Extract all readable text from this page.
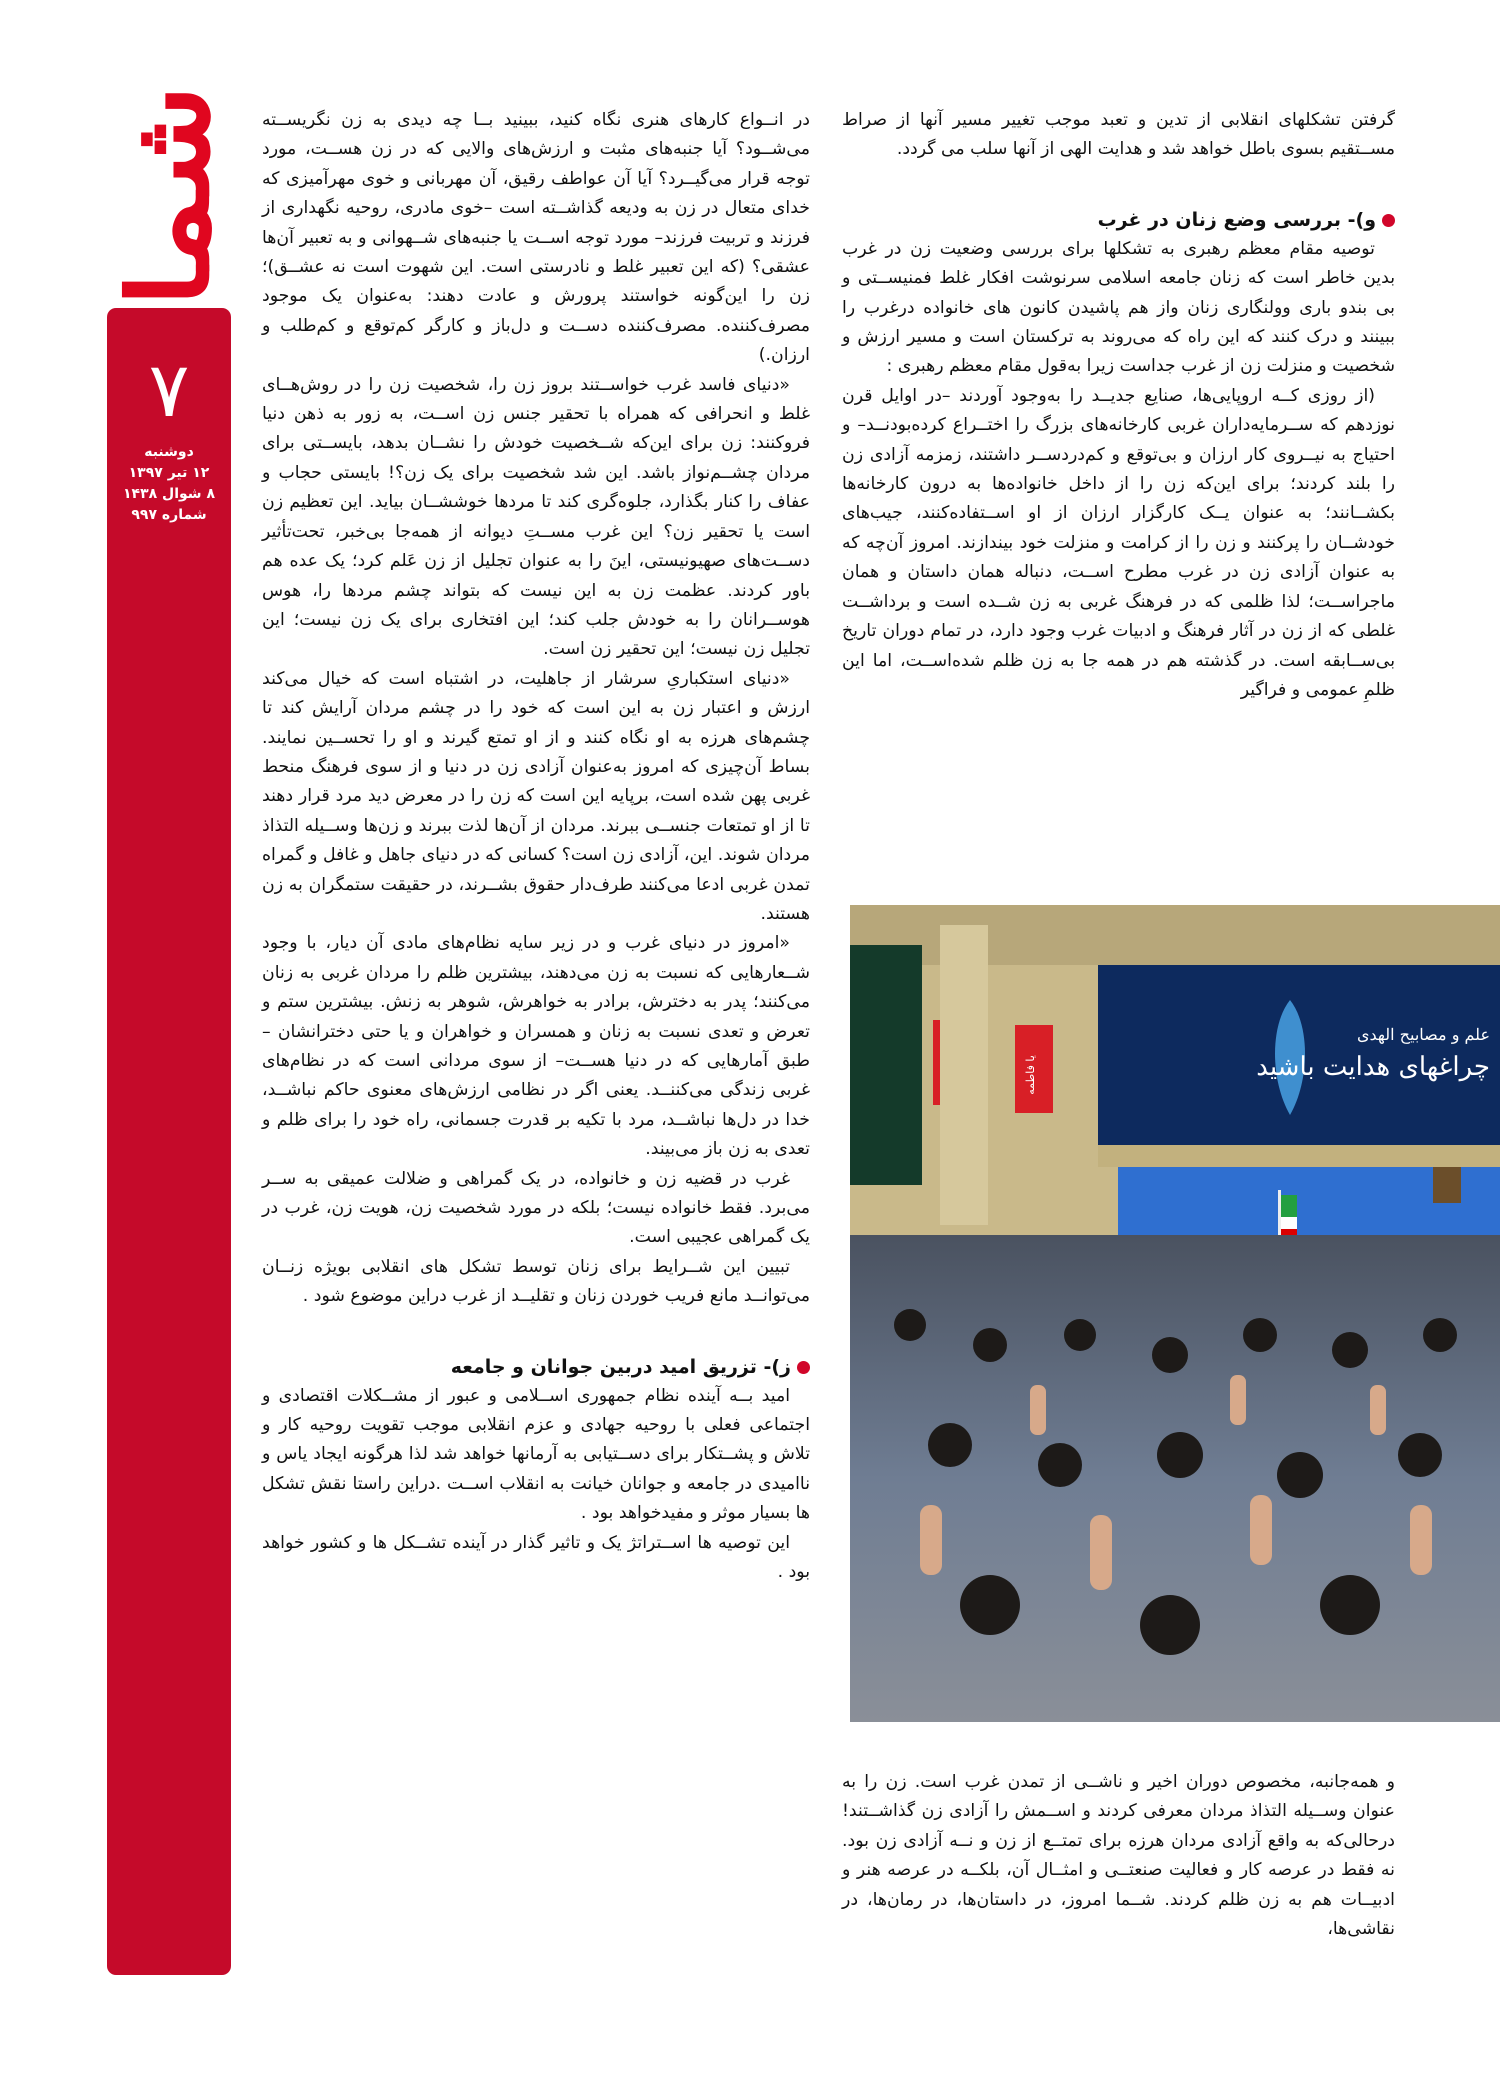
شما
۷
دوشنبه
۱۲ تیر ۱۳۹۷
۸ شوال ۱۴۳۸
شماره ۹۹۷

در انــواع کارهای هنری نگاه کنید، ببینید بــا چه دیدی به زن نگریســته می‌شــود؟ آیا جنبه‌های مثبت و ارزش‌های والایی که در زن هســت، مورد توجه قرار می‌گیــرد؟ آیا آن عواطف رقیق، آن مهربانی و خوی مهرآمیزی که خدای متعال در زن به ودیعه گذاشــته است –خوی مادری، روحیه نگهداری از فرزند و تربیت فرزند– مورد توجه اســت یا جنبه‌های شــهوانی و به تعبیر آن‌ها عشقی؟ (که این تعبیر غلط و نادرستی است. این شهوت است نه عشــق)؛ زن را این‌گونه خواستند پرورش و عادت دهند: به‌عنوان یک موجود مصرف‌کننده. مصرف‌کننده دســت و دل‌باز و کارگر کم‌توقع و کم‌طلب و ارزان.)

«دنیای فاسد غرب خواســتند بروز زن را، شخصیت زن را در روش‌هــای غلط و انحرافی که همراه با تحقیر جنس زن اســت، به زور به ذهن دنیا فروکنند: زن برای این‌که شــخصیت خودش را نشــان بدهد، بایســتی برای مردان چشــم‌نواز باشد. این شد شخصیت برای یک زن؟! بایستی حجاب و عفاف را کنار بگذارد، جلوه‌گری کند تا مردها خوششــان بیاید. این تعظیم زن است یا تحقیر زن؟ این غرب مســتِ دیوانه از همه‌جا بی‌خبر، تحت‌تأثیر دســت‌های صهیونیستی، اینَ را به عنوان تجلیل از زن عَلم کرد؛ یک عده هم باور کردند. عظمت زن به این نیست که بتواند چشم مردها را، هوس هوســرانان را به خودش جلب کند؛ این افتخاری برای یک زن نیست؛ این تجلیل زن نیست؛ این تحقیر زن است.

«دنیای استکباریِ سرشار از جاهلیت، در اشتباه است که خیال می‌کند ارزش و اعتبار زن به این است که خود را در چشم مردان آرایش کند تا چشم‌های هرزه به او نگاه کنند و از او تمتع گیرند و او را تحســین نمایند. بساط آن‌چیزی که امروز به‌عنوان آزادی زن در دنیا و از سوی فرهنگ منحط غربی پهن شده است، برپایه این است که زن را در معرض دید مرد قرار دهند تا از او تمتعات جنســی ببرند. مردان از آن‌ها لذت ببرند و زن‌ها وســیله التذاذ مردان شوند. این، آزادی زن است؟ کسانی که در دنیای جاهل و غافل و گمراه تمدن غربی ادعا می‌کنند طرف‌دار حقوق بشــرند، در حقیقت ستمگران به زن هستند.

«امروز در دنیای غرب و در زیر سایه نظام‌های مادی آن دیار، با وجود شــعارهایی که نسبت به زن می‌دهند، بیشترین ظلم را مردان غربی به زنان می‌کنند؛ پدر به دخترش، برادر به خواهرش، شوهر به زنش. بیشترین ستم و تعرض و تعدی نسبت به زنان و همسران و خواهران و یا حتی دخترانشان –طبق آمارهایی که در دنیا هســت– از سوی مردانی است که در نظام‌های غربی زندگی می‌کننــد. یعنی اگر در نظامی ارزش‌های معنوی حاکم نباشــد، خدا در دل‌ها نباشــد، مرد با تکیه بر قدرت جسمانی، راه خود را برای ظلم و تعدی به زن باز می‌بیند.

غرب در قضیه زن و خانواده، در یک گمراهی و ضلالت عمیقی به ســر می‌برد. فقط خانواده نیست؛ بلکه در مورد شخصیت زن، هویت زن، غرب در یک گمراهی عجیبی است.

تبیین این شــرایط برای زنان توسط تشکل های انقلابی بویژه زنــان می‌توانــد مانع فریب خوردن زنان و تقلیــد از غرب دراین موضوع شود .

ز)- تزریق امید دربین جوانان و جامعه

امید بــه آینده نظام جمهوری اســلامی و عبور از مشــکلات اقتصادی و اجتماعی فعلی با روحیه جهادی و عزم انقلابی موجب تقویت روحیه کار و تلاش و پشــتکار برای دســتیابی به آرمانها خواهد شد لذا هرگونه ایجاد یاس و ناامیدی در جامعه و جوانان خیانت به انقلاب اســت .دراین راستا نقش تشکل ها بسیار موثر و مفیدخواهد بود .

این توصیه ها اســتراتژ یک و تاثیر گذار در آینده تشــکل ها و کشور خواهد بود .

گرفتن تشکلهای انقلابی از تدین و تعبد موجب تغییر مسیر آنها از صراط مســتقیم بسوی باطل خواهد شد و هدایت الهی از آنها سلب می گردد.

و)- بررسی وضع زنان در غرب

توصیه مقام معظم رهبری به تشکلها برای بررسی وضعیت زن در غرب بدین خاطر است که زنان جامعه اسلامی سرنوشت افکار غلط فمنیســتی و بی بندو باری وولنگاری زنان واز هم پاشیدن کانون های خانواده درغرب را ببینند و درک کنند که این راه که می‌روند به ترکستان است و مسیر ارزش و شخصیت و منزلت زن از غرب جداست زیرا به‌قول مقام معظم رهبری :

(از روزی کــه اروپایی‌ها، صنایع جدیــد را به‌وجود آوردند –در اوایل قرن نوزدهم که ســرمایه‌داران غربی کارخانه‌های بزرگ را اختــراع کرده‌بودنــد– و احتیاج به نیــروی کار ارزان و بی‌توقع و کم‌دردســر داشتند، زمزمه آزادی زن را بلند کردند؛ برای این‌که زن را از داخل خانواده‌ها به درون کارخانه‌ها بکشــانند؛ به عنوان یــک کارگزار ارزان از او اســتفاده‌کنند، جیب‌های خودشــان را پرکنند و زن را از کرامت و منزلت خود بیندازند. امروز آن‌چه که به عنوان آزادی زن در غرب مطرح اســت، دنباله همان داستان و همان ماجراســت؛ لذا ظلمی که در فرهنگ غربی به زن شــده است و برداشــت غلطی که از زن در آثار فرهنگ و ادبیات غرب وجود دارد، در تمام دوران تاریخ بی‌ســابقه است. در گذشته هم در همه جا به زن ظلم شده‌اســت، اما این ظلمِ عمومی و فراگیر

علم و مصابیح الهدی
چراغهای هدایت باشید
یا فاطمه

و همه‌جانبه، مخصوص دوران اخیر و ناشــی از تمدن غرب است. زن را به عنوان وســیله التذاذ مردان معرفی کردند و اســمش را آزادی زن گذاشــتند! درحالی‌که به واقع آزادی مردان هرزه برای تمتــع از زن و نــه آزادی زن بود. نه فقط در عرصه کار و فعالیت صنعتــی و امثــال آن، بلکــه در عرصه هنر و ادبیــات هم به زن ظلم کردند. شــما امروز، در داستان‌ها، در رمان‌ها، در نقاشی‌ها،
